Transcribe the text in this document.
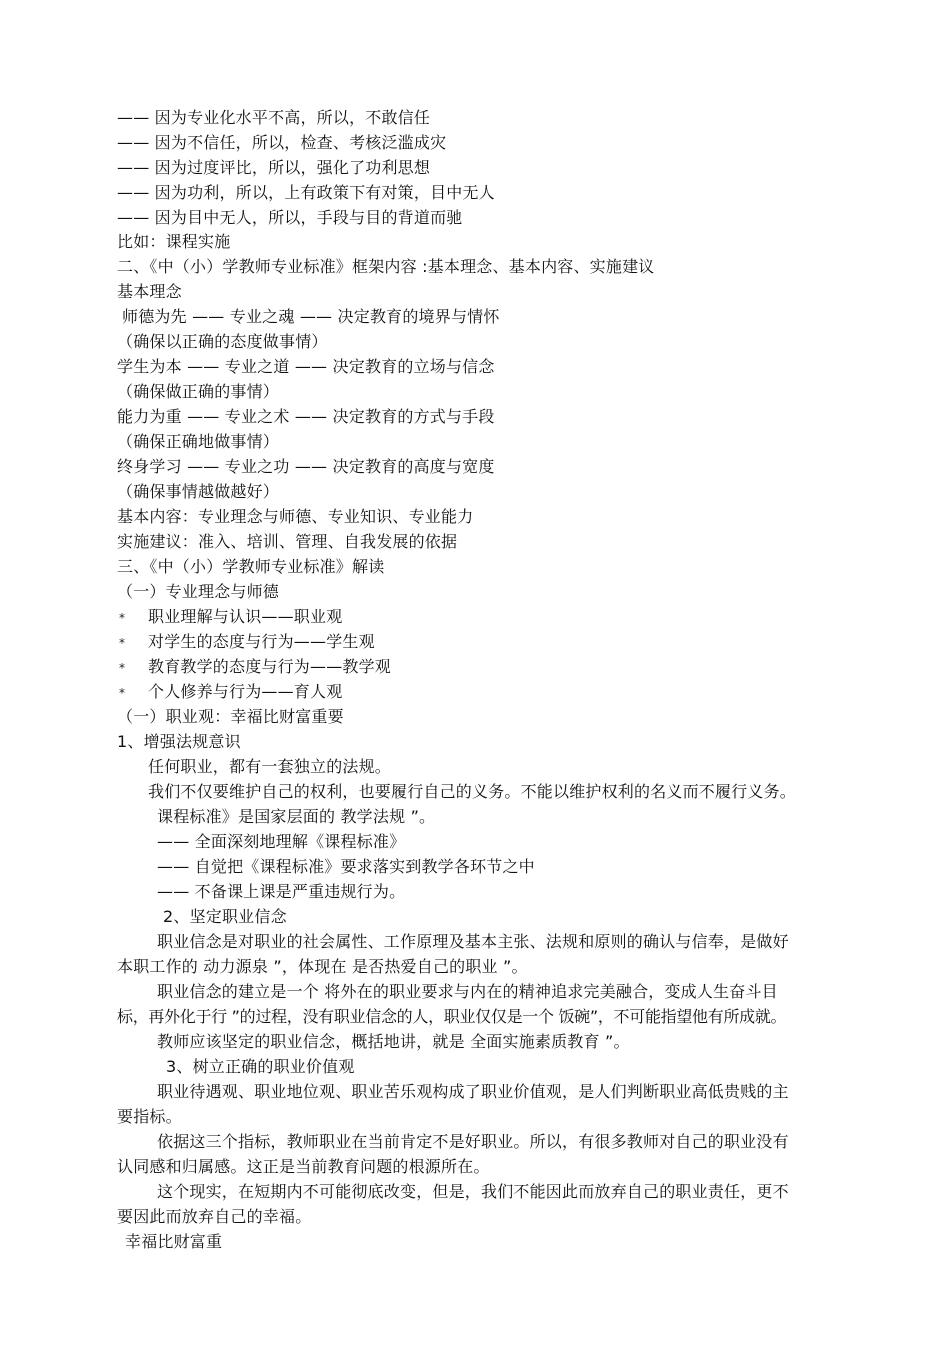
—— 因为专业化水平不高，所以，不敢信任
—— 因为不信任，所以，检查、考核泛滥成灾
—— 因为过度评比，所以，强化了功利思想
—— 因为功利，所以，上有政策下有对策，目中无人
—— 因为目中无人，所以，手段与目的背道而驰
比如：课程实施
二、《中（小）学教师专业标准》框架内容 :基本理念、基本内容、实施建议
基本理念
师德为先 —— 专业之魂 —— 决定教育的境界与情怀
（确保以正确的态度做事情）
学生为本 —— 专业之道 —— 决定教育的立场与信念
（确保做正确的事情）
能力为重 —— 专业之术 —— 决定教育的方式与手段
（确保正确地做事情）
终身学习 —— 专业之功 —— 决定教育的高度与宽度
（确保事情越做越好）
基本内容：专业理念与师德、专业知识、专业能力
实施建议：准入、培训、管理、自我发展的依据
三、《中（小）学教师专业标准》解读
（一）专业理念与师德
* 职业理解与认识——职业观
* 对学生的态度与行为——学生观
* 教育教学的态度与行为——教学观
* 个人修养与行为——育人观
（一）职业观：幸福比财富重要
1、增强法规意识
任何职业，都有一套独立的法规。
我们不仅要维护自己的权利，也要履行自己的义务。不能以维护权利的名义而不履行义务。
课程标准》是国家层面的 教学法规 ”。
—— 全面深刻地理解《课程标准》
—— 自觉把《课程标准》要求落实到教学各环节之中
—— 不备课上课是严重违规行为。
2、坚定职业信念
职业信念是对职业的社会属性、工作原理及基本主张、法规和原则的确认与信奉，是做好
本职工作的 动力源泉 ”，体现在 是否热爱自己的职业 ”。
职业信念的建立是一个 将外在的职业要求与内在的精神追求完美融合，变成人生奋斗目
标，再外化于行 ”的过程，没有职业信念的人，职业仅仅是一个 饭碗”，不可能指望他有所成就。
教师应该坚定的职业信念，概括地讲，就是 全面实施素质教育 ”。
3、树立正确的职业价值观
职业待遇观、职业地位观、职业苦乐观构成了职业价值观，是人们判断职业高低贵贱的主
要指标。
依据这三个指标，教师职业在当前肯定不是好职业。所以，有很多教师对自己的职业没有
认同感和归属感。这正是当前教育问题的根源所在。
这个现实，在短期内不可能彻底改变，但是，我们不能因此而放弃自己的职业责任，更不
要因此而放弃自己的幸福。
幸福比财富重
